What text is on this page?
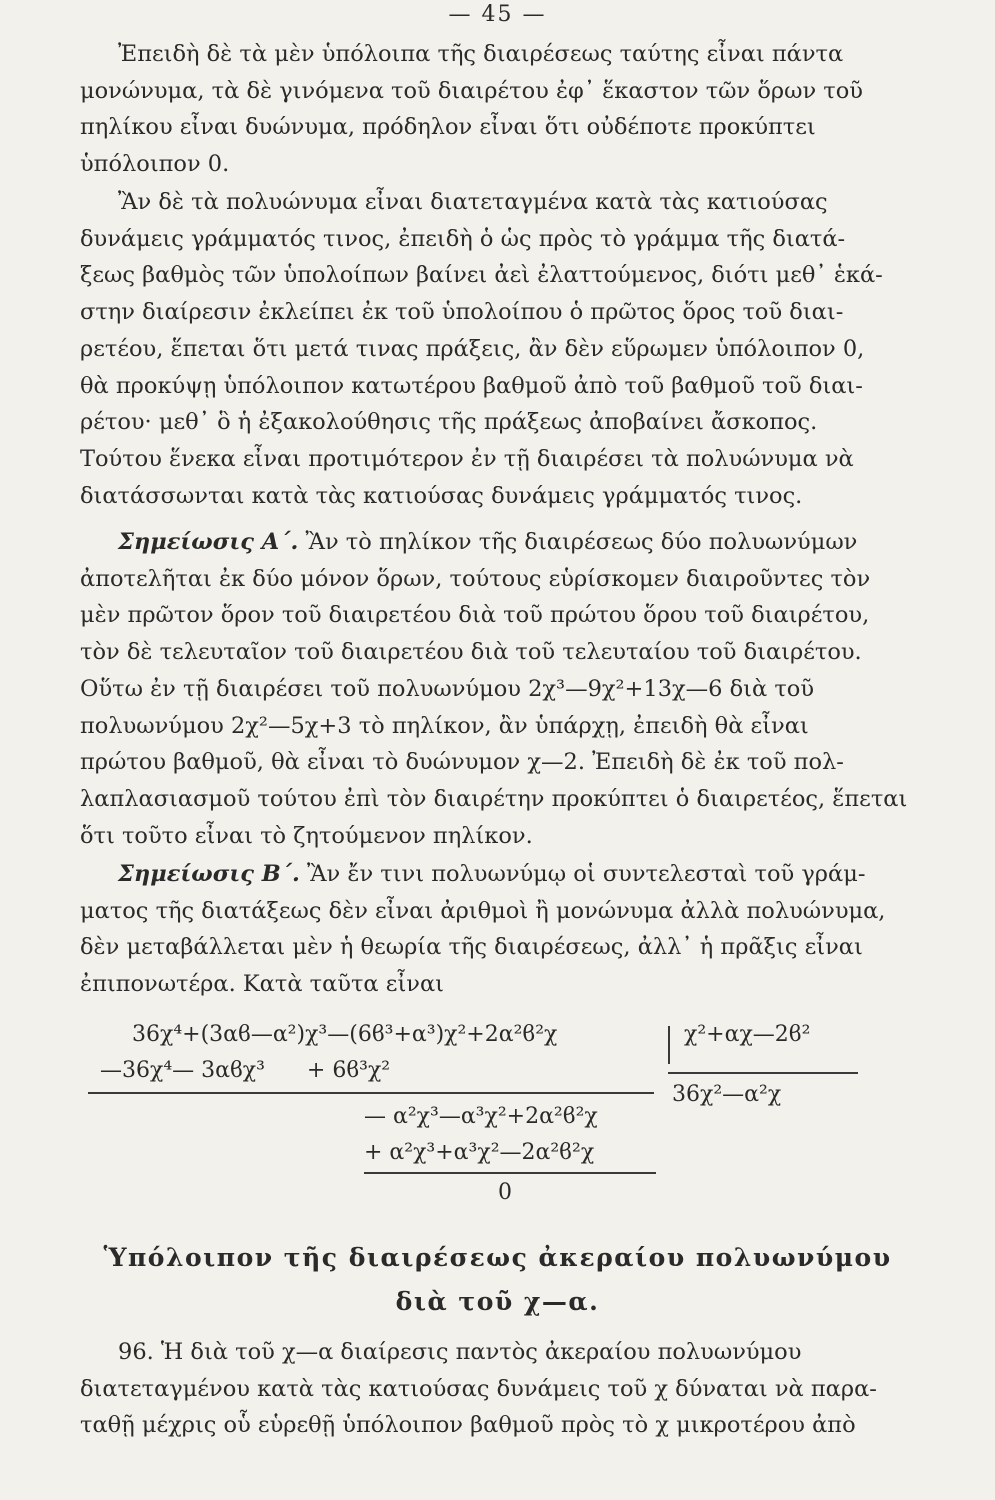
— 45 —
Ἐπειδὴ δὲ τὰ μὲν ὑπόλοιπα τῆς διαιρέσεως ταύτης εἶναι πάντα
μονώνυμα, τὰ δὲ γινόμενα τοῦ διαιρέτου ἐφ᾽ ἕκαστον τῶν ὅρων τοῦ
πηλίκου εἶναι δυώνυμα, πρόδηλον εἶναι ὅτι οὐδέποτε προκύπτει
ὑπόλοιπον 0.
Ἂν δὲ τὰ πολυώνυμα εἶναι διατεταγμένα κατὰ τὰς κατιούσας
δυνάμεις γράμματός τινος, ἐπειδὴ ὁ ὡς πρὸς τὸ γράμμα τῆς διατά-
ξεως βαθμὸς τῶν ὑπολοίπων βαίνει ἀεὶ ἐλαττούμενος, διότι μεθ᾽ ἑκά-
στην διαίρεσιν ἐκλείπει ἐκ τοῦ ὑπολοίπου ὁ πρῶτος ὅρος τοῦ διαι-
ρετέου, ἕπεται ὅτι μετά τινας πράξεις, ἂν δὲν εὕρωμεν ὑπόλοιπον 0,
θὰ προκύψῃ ὑπόλοιπον κατωτέρου βαθμοῦ ἀπὸ τοῦ βαθμοῦ τοῦ διαι-
ρέτου· μεθ᾽ ὃ ἡ ἐξακολούθησις τῆς πράξεως ἀποβαίνει ἄσκοπος.
Τούτου ἕνεκα εἶναι προτιμότερον ἐν τῇ διαιρέσει τὰ πολυώνυμα νὰ
διατάσσωνται κατὰ τὰς κατιούσας δυνάμεις γράμματός τινος.
Σημείωσις Α΄. Ἂν τὸ πηλίκον τῆς διαιρέσεως δύο πολυωνύμων
ἀποτελῆται ἐκ δύο μόνον ὅρων, τούτους εὑρίσκομεν διαιροῦντες τὸν
μὲν πρῶτον ὅρον τοῦ διαιρετέου διὰ τοῦ πρώτου ὅρου τοῦ διαιρέτου,
τὸν δὲ τελευταῖον τοῦ διαιρετέου διὰ τοῦ τελευταίου τοῦ διαιρέτου.
Οὕτω ἐν τῇ διαιρέσει τοῦ πολυωνύμου 2χ³—9χ²+13χ—6 διὰ τοῦ
πολυωνύμου 2χ²—5χ+3 τὸ πηλίκον, ἂν ὑπάρχῃ, ἐπειδὴ θὰ εἶναι
πρώτου βαθμοῦ, θὰ εἶναι τὸ δυώνυμον χ—2. Ἐπειδὴ δὲ ἐκ τοῦ πολ-
λαπλασιασμοῦ τούτου ἐπὶ τὸν διαιρέτην προκύπτει ὁ διαιρετέος, ἕπεται
ὅτι τοῦτο εἶναι τὸ ζητούμενον πηλίκον.
Σημείωσις Β΄. Ἂν ἔν τινι πολυωνύμῳ οἱ συντελεσταὶ τοῦ γράμ-
ματος τῆς διατάξεως δὲν εἶναι ἀριθμοὶ ἢ μονώνυμα ἀλλὰ πολυώνυμα,
δὲν μεταβάλλεται μὲν ἡ θεωρία τῆς διαιρέσεως, ἀλλ᾽ ἡ πρᾶξις εἶναι
ἐπιπονωτέρα. Κατὰ ταῦτα εἶναι
36χ⁴+(3αϐ—α²)χ³—(6ϐ³+α³)χ²+2α²ϐ²χ	χ²+αχ—2ϐ²
—36χ⁴— 3αϐχ³      + 6ϐ³χ²
36χ²—α²χ
— α²χ³—α³χ²+2α²ϐ²χ
+ α²χ³+α³χ²—2α²ϐ²χ
0
Ὑπόλοιπον τῆς διαιρέσεως ἀκεραίου πολυωνύμου
διὰ τοῦ χ—α.
96. Ἡ διὰ τοῦ χ—α διαίρεσις παντὸς ἀκεραίου πολυωνύμου
διατεταγμένου κατὰ τὰς κατιούσας δυνάμεις τοῦ χ δύναται νὰ παρα-
ταθῇ μέχρις οὗ εὑρεθῇ ὑπόλοιπον βαθμοῦ πρὸς τὸ χ μικροτέρου ἀπὸ
